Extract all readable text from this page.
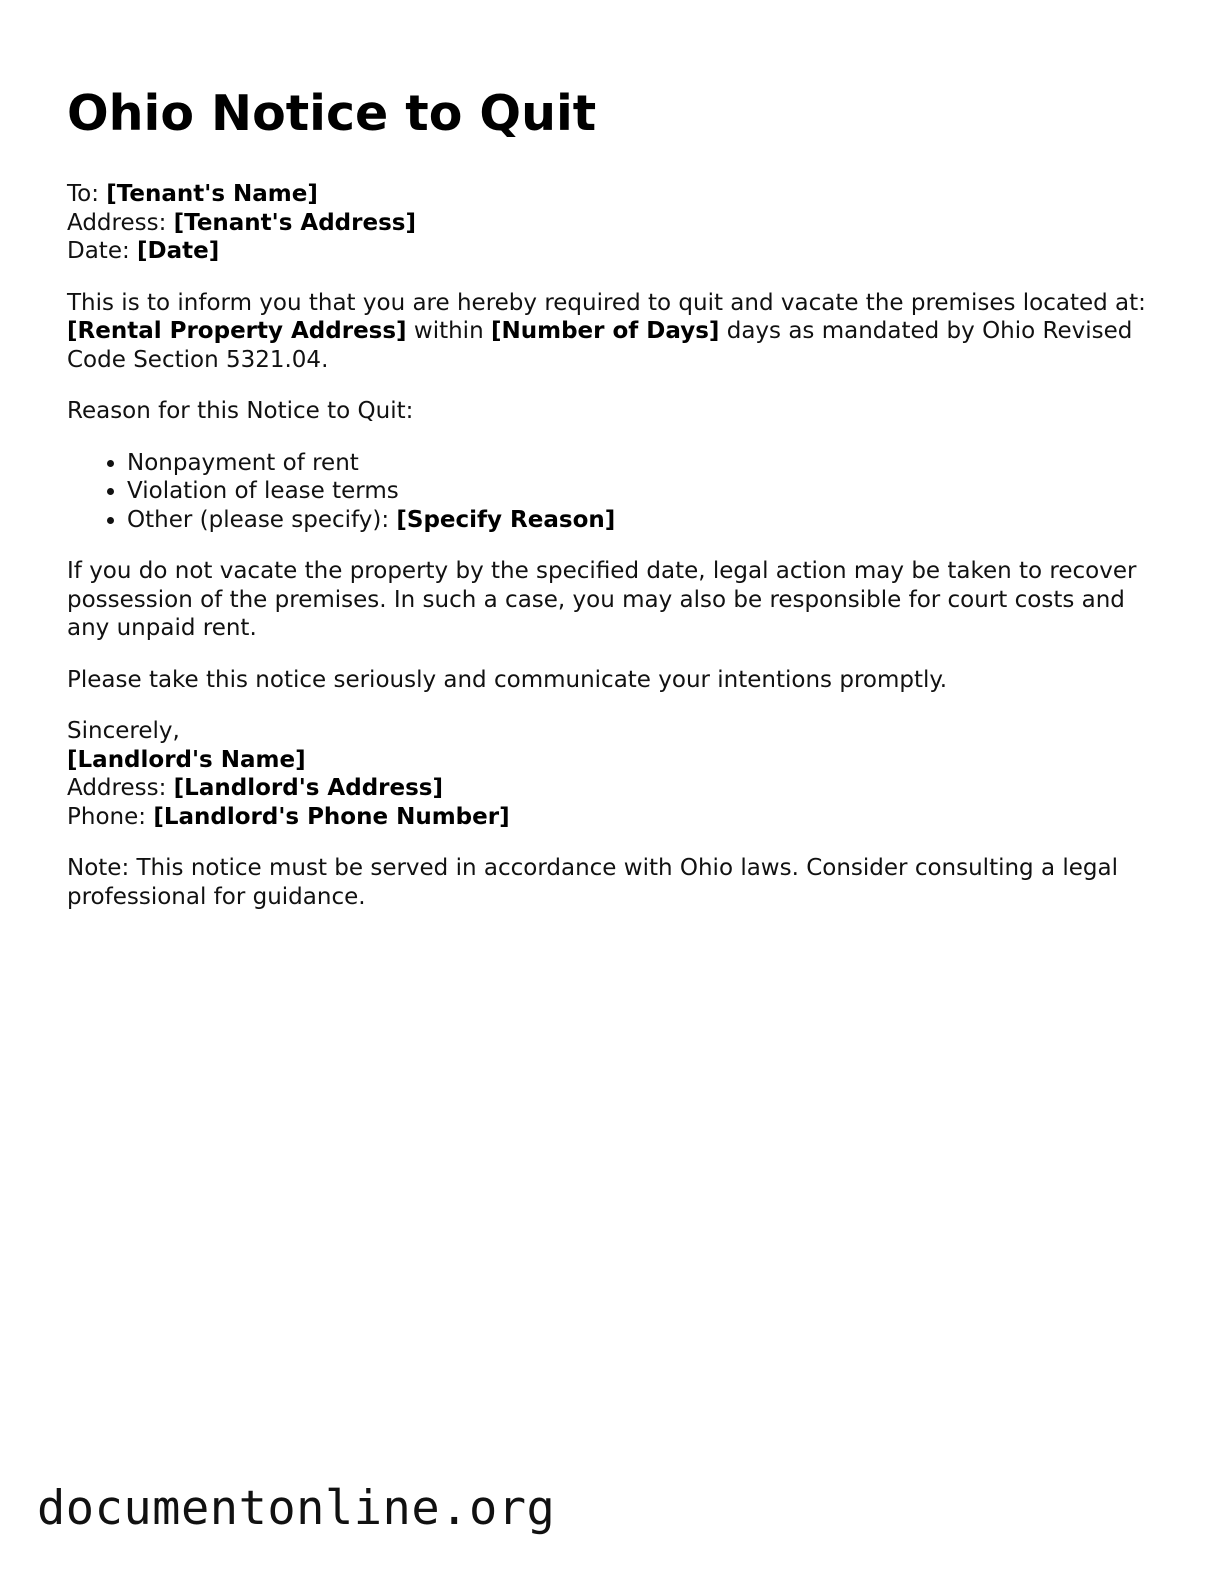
Ohio Notice to Quit

To: [Tenant's Name]
Address: [Tenant's Address]
Date: [Date]

This is to inform you that you are hereby required to quit and vacate the premises located at:
[Rental Property Address] within [Number of Days] days as mandated by Ohio Revised Code Section 5321.04.

Reason for this Notice to Quit:

• Nonpayment of rent
• Violation of lease terms
• Other (please specify): [Specify Reason]

If you do not vacate the property by the specified date, legal action may be taken to recover possession of the premises. In such a case, you may also be responsible for court costs and any unpaid rent.

Please take this notice seriously and communicate your intentions promptly.

Sincerely,
[Landlord's Name]
Address: [Landlord's Address]
Phone: [Landlord's Phone Number]

Note: This notice must be served in accordance with Ohio laws. Consider consulting a legal professional for guidance.

documentonline.org
